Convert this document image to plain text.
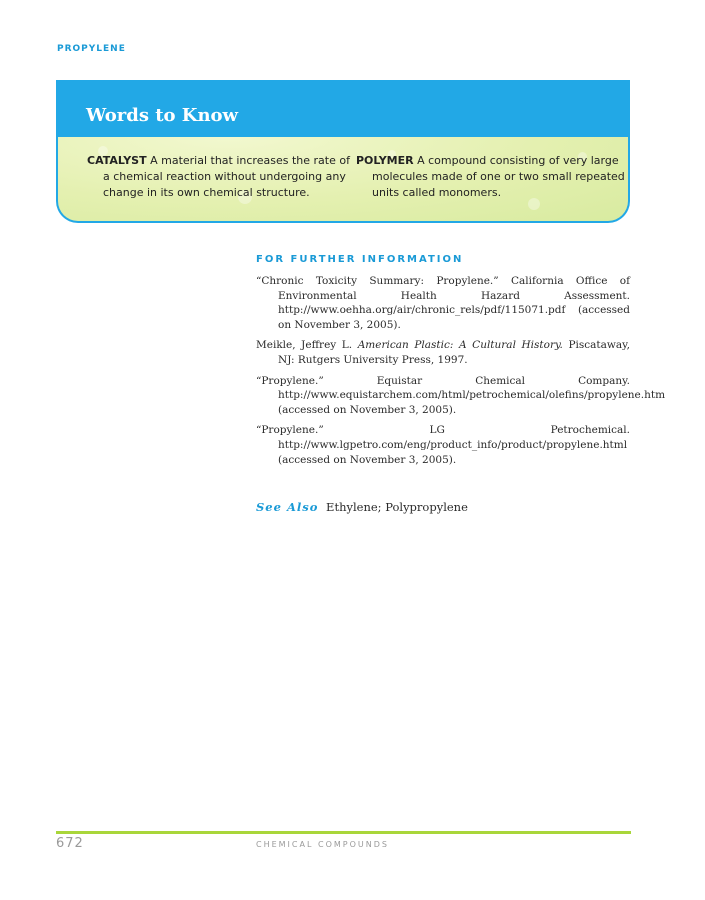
PROPYLENE
Words to Know
CATALYST A material that increases the rate of a chemical reaction without undergoing any change in its own chemical structure.
POLYMER A compound consisting of very large molecules made of one or two small repeated units called monomers.
FOR FURTHER INFORMATION
“Chronic Toxicity Summary: Propylene.” California Office of Environmental Health Hazard Assessment. http://www.oehha.org/air/chronic_rels/pdf/115071.pdf (accessed on November 3, 2005).
Meikle, Jeffrey L. American Plastic: A Cultural History. Piscataway, NJ: Rutgers University Press, 1997.
“Propylene.” Equistar Chemical Company. http://www.equistarchem.com/html/petrochemical/olefins/propylene.htm (accessed on November 3, 2005).
“Propylene.” LG Petrochemical. http://www.lgpetro.com/eng/product_info/product/propylene.html (accessed on November 3, 2005).
See Also Ethylene; Polypropylene
672	CHEMICAL COMPOUNDS
